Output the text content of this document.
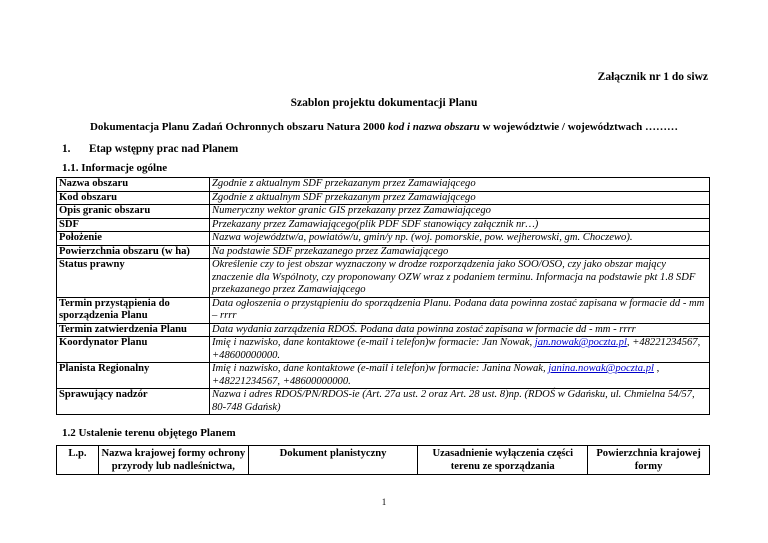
Załącznik nr 1 do siwz
Szablon projektu dokumentacji Planu
Dokumentacja Planu Zadań Ochronnych obszaru Natura 2000 kod i nazwa obszaru w województwie / województwach ………
1. Etap wstępny prac nad Planem
1.1. Informacje ogólne
Nazwa obszaru	Zgodnie z aktualnym SDF przekazanym przez Zamawiającego
Kod obszaru	Zgodnie z aktualnym SDF przekazanym przez Zamawiającego
Opis granic obszaru	Numeryczny wektor granic GIS przekazany przez Zamawiającego
SDF	Przekazany przez Zamawiającego(plik PDF SDF stanowiący załącznik nr…)
Położenie	Nazwa województw/a, powiatów/u, gmin/y np. (woj. pomorskie, pow. wejherowski, gm. Choczewo).
Powierzchnia obszaru (w ha)	Na podstawie SDF przekazanego przez Zamawiającego
Status prawny	Określenie czy to jest obszar wyznaczony w drodze rozporządzenia jako SOO/OSO, czy jako obszar mający znaczenie dla Wspólnoty, czy proponowany OZW wraz z podaniem terminu. Informacja na podstawie pkt 1.8 SDF przekazanego przez Zamawiającego
Termin przystąpienia do sporządzenia Planu	Data ogłoszenia o przystąpieniu do sporządzenia Planu. Podana data powinna zostać zapisana w formacie dd - mm – rrrr
Termin zatwierdzenia Planu	Data wydania zarządzenia RDOŚ. Podana data powinna zostać zapisana w formacie dd - mm - rrrr
Koordynator Planu	Imię i nazwisko, dane kontaktowe (e-mail i telefon)w formacie: Jan Nowak, jan.nowak@poczta.pl, +48221234567, +48600000000.
Planista Regionalny	Imię i nazwisko, dane kontaktowe (e-mail i telefon)w formacie: Janina Nowak, janina.nowak@poczta.pl , +48221234567, +48600000000.
Sprawujący nadzór	Nazwa i adres RDOŚ/PN/RDOS-ie (Art. 27a ust. 2 oraz Art. 28 ust. 8)np. (RDOŚ w Gdańsku, ul. Chmielna 54/57, 80-748 Gdańsk)
1.2 Ustalenie terenu objętego Planem
L.p.	Nazwa krajowej formy ochrony przyrody lub nadleśnictwa,	Dokument planistyczny	Uzasadnienie wyłączenia części terenu ze sporządzania	Powierzchnia krajowej formy
1
